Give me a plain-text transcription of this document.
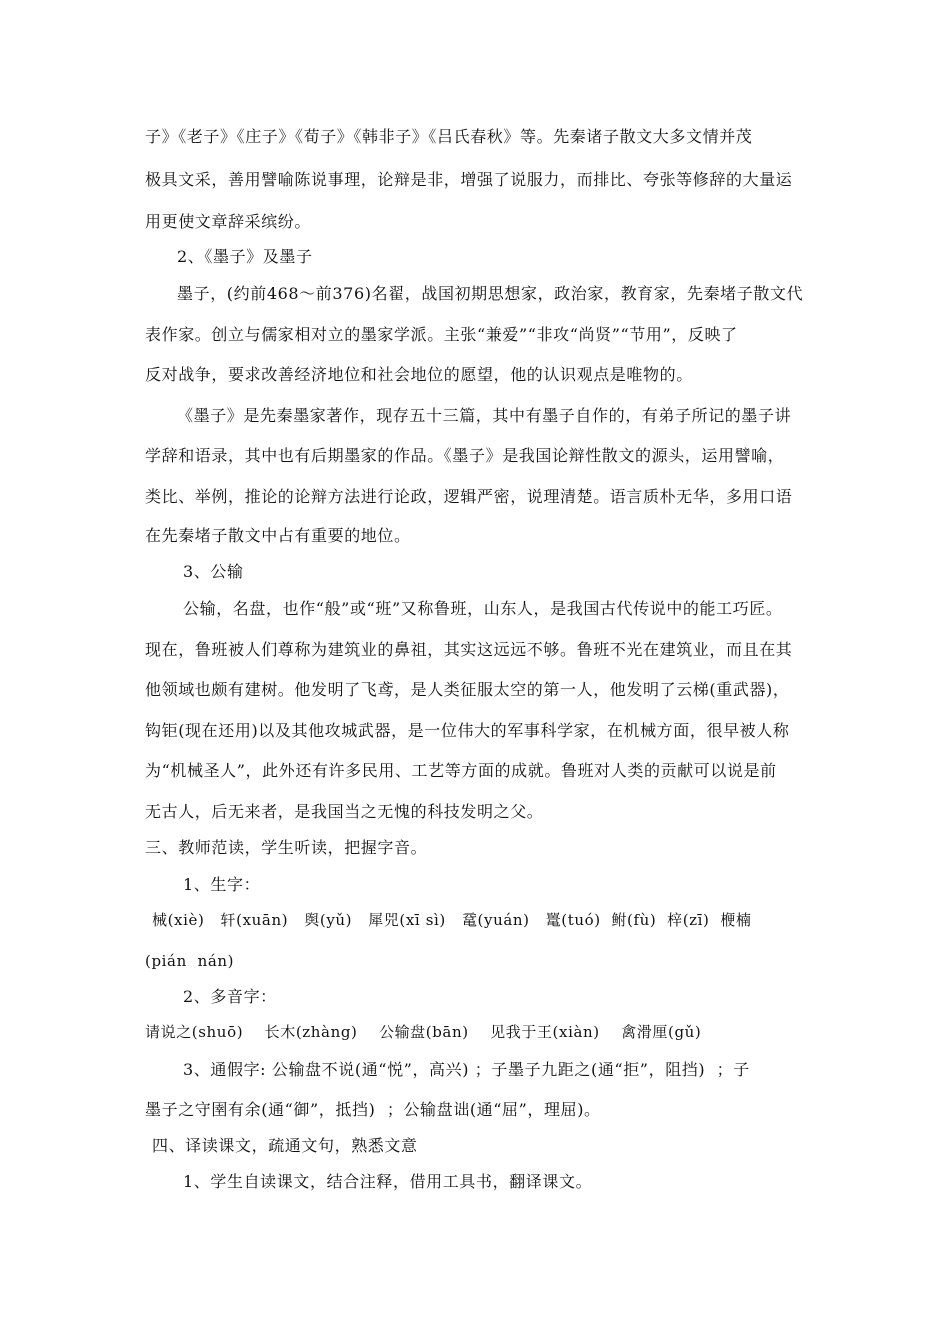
子》《老子》《庄子》《荀子》《韩非子》《吕氏春秋》等。先秦诸子散文大多文情并茂
极具文采，善用譬喻陈说事理，论辩是非，增强了说服力，而排比、夸张等修辞的大量运
用更使文章辞采缤纷。
2、《墨子》及墨子
墨子，(约前468～前376)名翟，战国初期思想家，政治家，教育家，先秦堵子散文代
表作家。创立与儒家相对立的墨家学派。主张“兼爱”“非攻“尚贤”“节用”，反映了
反对战争，要求改善经济地位和社会地位的愿望，他的认识观点是唯物的。
《墨子》是先秦墨家著作，现存五十三篇，其中有墨子自作的，有弟子所记的墨子讲
学辞和语录，其中也有后期墨家的作品。《墨子》是我国论辩性散文的源头，运用譬喻，
类比、举例，推论的论辩方法进行论政，逻辑严密，说理清楚。语言质朴无华，多用口语
在先秦堵子散文中占有重要的地位。
3、公输
公输，名盘，也作“般”或“班”又称鲁班，山东人，是我国古代传说中的能工巧匠。
现在，鲁班被人们尊称为建筑业的鼻祖，其实这远远不够。鲁班不光在建筑业，而且在其
他领域也颇有建树。他发明了飞鸢，是人类征服太空的第一人，他发明了云梯(重武器)，
钩钜(现在还用)以及其他攻城武器，是一位伟大的军事科学家，在机械方面，很早被人称
为“机械圣人”，此外还有许多民用、工艺等方面的成就。鲁班对人类的贡献可以说是前
无古人，后无来者，是我国当之无愧的科技发明之父。
三、教师范读，学生听读，把握字音。
1、生字：
械(xiè)   轩(xuān)   舆(yǔ)   犀兕(xī sì)   鼋(yuán)   鼍(tuó)  鲋(fù)  梓(zī)  楩楠
(pián  nán)
2、多音字：
请说之(shuō)    长木(zhàng)    公输盘(bān)    见我于王(xiàn)    禽滑厘(gǔ)
3、通假字: 公输盘不说(通“悦”，高兴) ；子墨子九距之(通“拒”，阻挡)  ；子
墨子之守圉有余(通“御”，抵挡)  ；公输盘诎(通“屈”，理屈)。
四、译读课文，疏通文句，熟悉文意
1、学生自读课文，结合注释，借用工具书，翻译课文。
